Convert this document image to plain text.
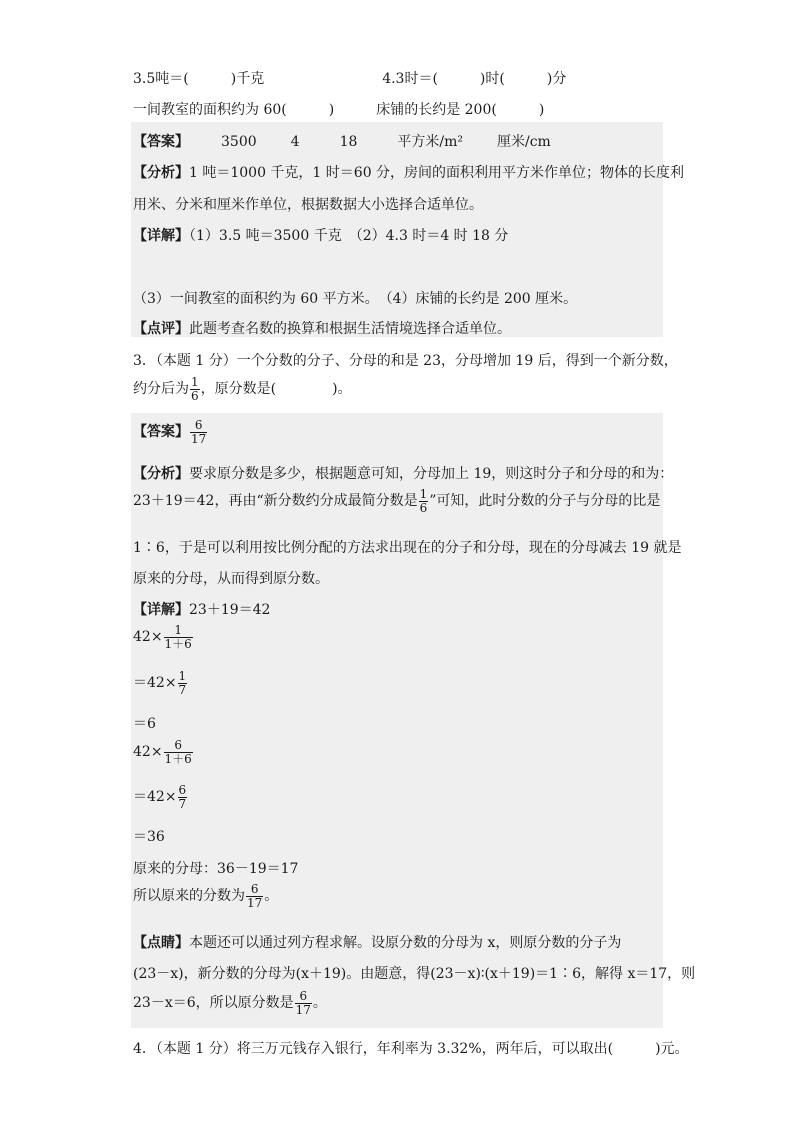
3.5吨＝(　　　)千克	4.3时＝(　　　)时(　　　)分
一间教室的面积约为 60(　　　)	床铺的长约是 200(　　　)
【答案】 3500 4	18	平方米/m² 厘米/cm
【分析】1 吨＝1000 千克，1 时＝60 分，房间的面积利用平方米作单位；物体的长度利
用米、分米和厘米作单位，根据数据大小选择合适单位。
【详解】（1）3.5 吨＝3500 千克　（2）4.3 时＝4 时 18 分
（3）一间教室的面积约为 60 平方米。　（4）床铺的长约是 200 厘米。
【点评】此题考查名数的换算和根据生活情境选择合适单位。
3．（本题 1 分）一个分数的分子、分母的和是 23，分母增加 19 后，得到一个新分数，
约分后为 $\frac{1}{6}$ ，原分数是(　　　　)。
【答案】 $\frac{6}{17}$
【分析】要求原分数是多少，根据题意可知，分母加上 19，则这时分子和分母的和为：
23＋19＝42，再由“新分数约分成最简分数是 $\frac{1}{6}$ ”可知，此时分数的分子与分母的比是
1∶6，于是可以利用按比例分配的方法求出现在的分子和分母，现在的分母减去 19 就是
原来的分母，从而得到原分数。
【详解】23＋19＝42
$42\times \frac{1}{1+6}$
$=42\times \frac{1}{7}$
＝6
$42\times \frac{6}{1+6}$
$=42\times \frac{6}{7}$
＝36
原来的分母：36－19＝17
所以原来的分数为 $\frac{6}{17}$ 。
【点睛】本题还可以通过列方程求解。设原分数的分母为 x，则原分数的分子为
(23－x)，新分数的分母为(x＋19)。由题意，得(23－x)∶(x＋19)＝1∶6，解得 x＝17，则
23－x＝6，所以原分数是 $\frac{6}{17}$ 。
4．（本题 1 分）将三万元钱存入银行，年利率为 3.32%，两年后，可以取出(　　　)元。
